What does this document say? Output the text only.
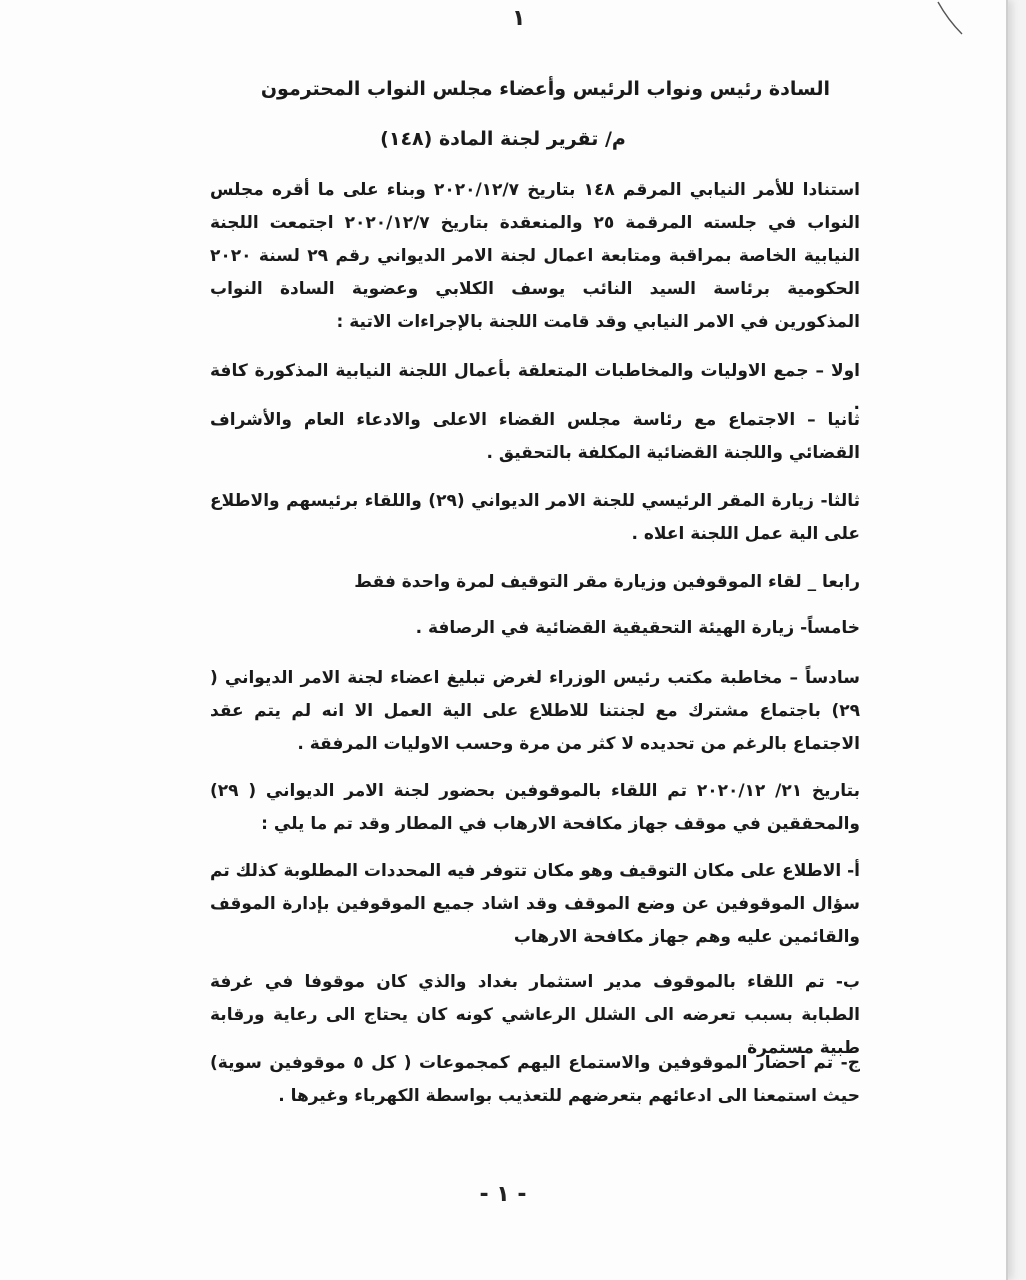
١
السادة رئيس ونواب الرئيس وأعضاء مجلس النواب المحترمون
م/ تقرير لجنة المادة (١٤٨)

استنادا للأمر النيابي المرقم ١٤٨ بتاريخ ٢٠٢٠/١٢/٧ وبناء على ما أقره مجلس النواب في جلسته المرقمة ٢٥ والمنعقدة بتاريخ ٢٠٢٠/١٢/٧ اجتمعت اللجنة النيابية الخاصة بمراقبة ومتابعة اعمال لجنة الامر الديواني رقم ٢٩ لسنة ٢٠٢٠ الحكومية برئاسة السيد النائب يوسف الكلابي وعضوية السادة النواب المذكورين في الامر النيابي وقد قامت اللجنة بالإجراءات الاتية :

اولا – جمع الاوليات والمخاطبات المتعلقة بأعمال اللجنة النيابية المذكورة كافة .

ثانيا – الاجتماع مع رئاسة مجلس القضاء الاعلى والادعاء العام والأشراف القضائي واللجنة القضائية المكلفة بالتحقيق .

ثالثا- زيارة المقر الرئيسي للجنة الامر الديواني (٢٩) واللقاء برئيسهم والاطلاع على الية عمل اللجنة اعلاه .

رابعا _ لقاء الموقوفين وزيارة مقر التوقيف لمرة واحدة فقط

خامساً- زيارة الهيئة التحقيقية القضائية في الرصافة .

سادساً – مخاطبة مكتب رئيس الوزراء لغرض تبليغ اعضاء لجنة الامر الديواني ( ٢٩) باجتماع مشترك مع لجنتنا للاطلاع على الية العمل الا انه لم يتم عقد الاجتماع بالرغم من تحديده لا كثر من مرة وحسب الاوليات المرفقة .

بتاريخ ٢١/ ٢٠٢٠/١٢ تم اللقاء بالموقوفين بحضور لجنة الامر الديواني ( ٢٩) والمحققين في موقف جهاز مكافحة الارهاب في المطار وقد تم ما يلي :

أ- الاطلاع على مكان التوقيف وهو مكان تتوفر فيه المحددات المطلوبة كذلك تم سؤال الموقوفين عن وضع الموقف وقد اشاد جميع الموقوفين بإدارة الموقف والقائمين عليه وهم جهاز مكافحة الارهاب

ب- تم اللقاء بالموقوف مدير استثمار بغداد والذي كان موقوفا في غرفة الطبابة بسبب تعرضه الى الشلل الرعاشي كونه كان يحتاج الى رعاية ورقابة طبية مستمرة

ج- تم احضار الموقوفين والاستماع اليهم كمجموعات ( كل ٥ موقوفين سوية) حيث استمعنا الى ادعائهم بتعرضهم للتعذيب بواسطة الكهرباء وغيرها .

- ١ -
